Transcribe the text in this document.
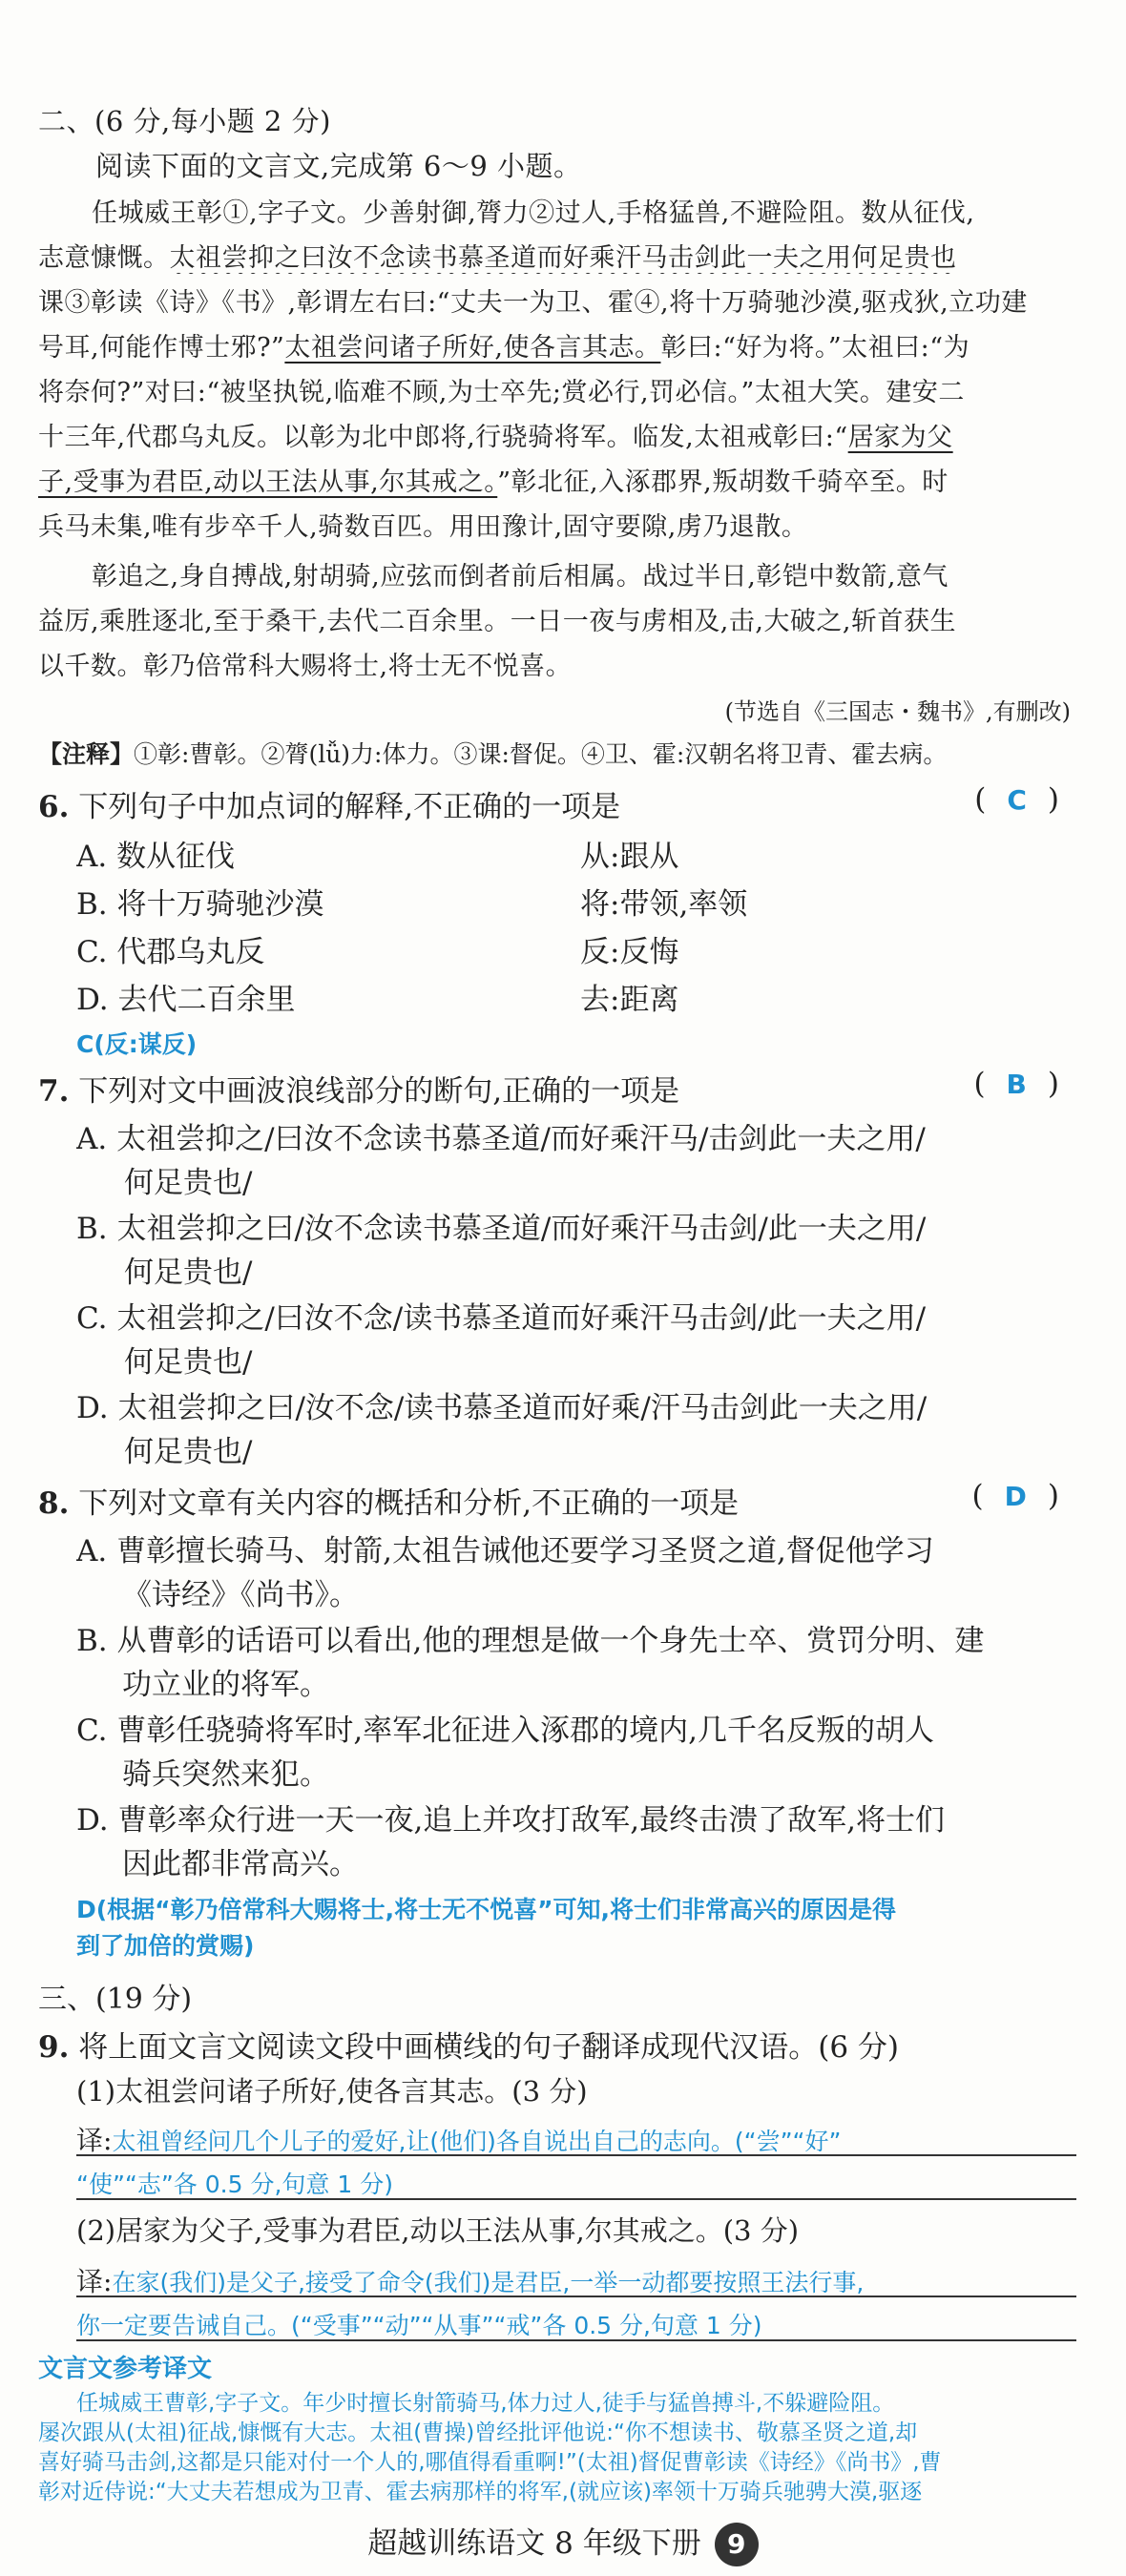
二、(6 分,每小题 2 分)
阅读下面的文言文,完成第 6～9 小题。
任城威王彰①,字子文。少善射御,膂力②过人,手格猛兽,不避险阻。数从征伐,
志意慷慨。太祖尝抑之曰汝不念读书慕圣道而好乘汗马击剑此一夫之用何足贵也
课③彰读《诗》《书》,彰谓左右曰:“丈夫一为卫、霍④,将十万骑驰沙漠,驱戎狄,立功建
号耳,何能作博士邪?”太祖尝问诸子所好,使各言其志。彰曰:“好为将。”太祖曰:“为
将奈何?”对曰:“被坚执锐,临难不顾,为士卒先;赏必行,罚必信。”太祖大笑。建安二
十三年,代郡乌丸反。以彰为北中郎将,行骁骑将军。临发,太祖戒彰曰:“居家为父
子,受事为君臣,动以王法从事,尔其戒之。”彰北征,入涿郡界,叛胡数千骑卒至。时
兵马未集,唯有步卒千人,骑数百匹。用田豫计,固守要隙,虏乃退散。
彰追之,身自搏战,射胡骑,应弦而倒者前后相属。战过半日,彰铠中数箭,意气
益厉,乘胜逐北,至于桑干,去代二百余里。一日一夜与虏相及,击,大破之,斩首获生
以千数。彰乃倍常科大赐将士,将士无不悦喜。
(节选自《三国志・魏书》,有删改)
【注释】①彰:曹彰。②膂(lǚ)力:体力。③课:督促。④卫、霍:汉朝名将卫青、霍去病。
6. 下列句子中加点词的解释,不正确的一项是	( C )
A. 数从征伐	从:跟从
B. 将十万骑驰沙漠	将:带领,率领
C. 代郡乌丸反	反:反悔
D. 去代二百余里	去:距离
C(反:谋反)
7. 下列对文中画波浪线部分的断句,正确的一项是	( B )
A. 太祖尝抑之/曰汝不念读书慕圣道/而好乘汗马/击剑此一夫之用/
何足贵也/
B. 太祖尝抑之曰/汝不念读书慕圣道/而好乘汗马击剑/此一夫之用/
何足贵也/
C. 太祖尝抑之/曰汝不念/读书慕圣道而好乘汗马击剑/此一夫之用/
何足贵也/
D. 太祖尝抑之曰/汝不念/读书慕圣道而好乘/汗马击剑此一夫之用/
何足贵也/
8. 下列对文章有关内容的概括和分析,不正确的一项是	( D )
A. 曹彰擅长骑马、射箭,太祖告诫他还要学习圣贤之道,督促他学习
《诗经》《尚书》。
B. 从曹彰的话语可以看出,他的理想是做一个身先士卒、赏罚分明、建
功立业的将军。
C. 曹彰任骁骑将军时,率军北征进入涿郡的境内,几千名反叛的胡人
骑兵突然来犯。
D. 曹彰率众行进一天一夜,追上并攻打敌军,最终击溃了敌军,将士们
因此都非常高兴。
D(根据“彰乃倍常科大赐将士,将士无不悦喜”可知,将士们非常高兴的原因是得
到了加倍的赏赐)
三、(19 分)
9. 将上面文言文阅读文段中画横线的句子翻译成现代汉语。(6 分)
(1)太祖尝问诸子所好,使各言其志。(3 分)
译:太祖曾经问几个儿子的爱好,让(他们)各自说出自己的志向。(“尝”“好”
“使”“志”各 0.5 分,句意 1 分)
(2)居家为父子,受事为君臣,动以王法从事,尔其戒之。(3 分)
译:在家(我们)是父子,接受了命令(我们)是君臣,一举一动都要按照王法行事,
你一定要告诫自己。(“受事”“动”“从事”“戒”各 0.5 分,句意 1 分)
文言文参考译文
任城威王曹彰,字子文。年少时擅长射箭骑马,体力过人,徒手与猛兽搏斗,不躲避险阻。
屡次跟从(太祖)征战,慷慨有大志。太祖(曹操)曾经批评他说:“你不想读书、敬慕圣贤之道,却
喜好骑马击剑,这都是只能对付一个人的,哪值得看重啊!”(太祖)督促曹彰读《诗经》《尚书》,曹
彰对近侍说:“大丈夫若想成为卫青、霍去病那样的将军,(就应该)率领十万骑兵驰骋大漠,驱逐
超越训练语文 8 年级下册 9
